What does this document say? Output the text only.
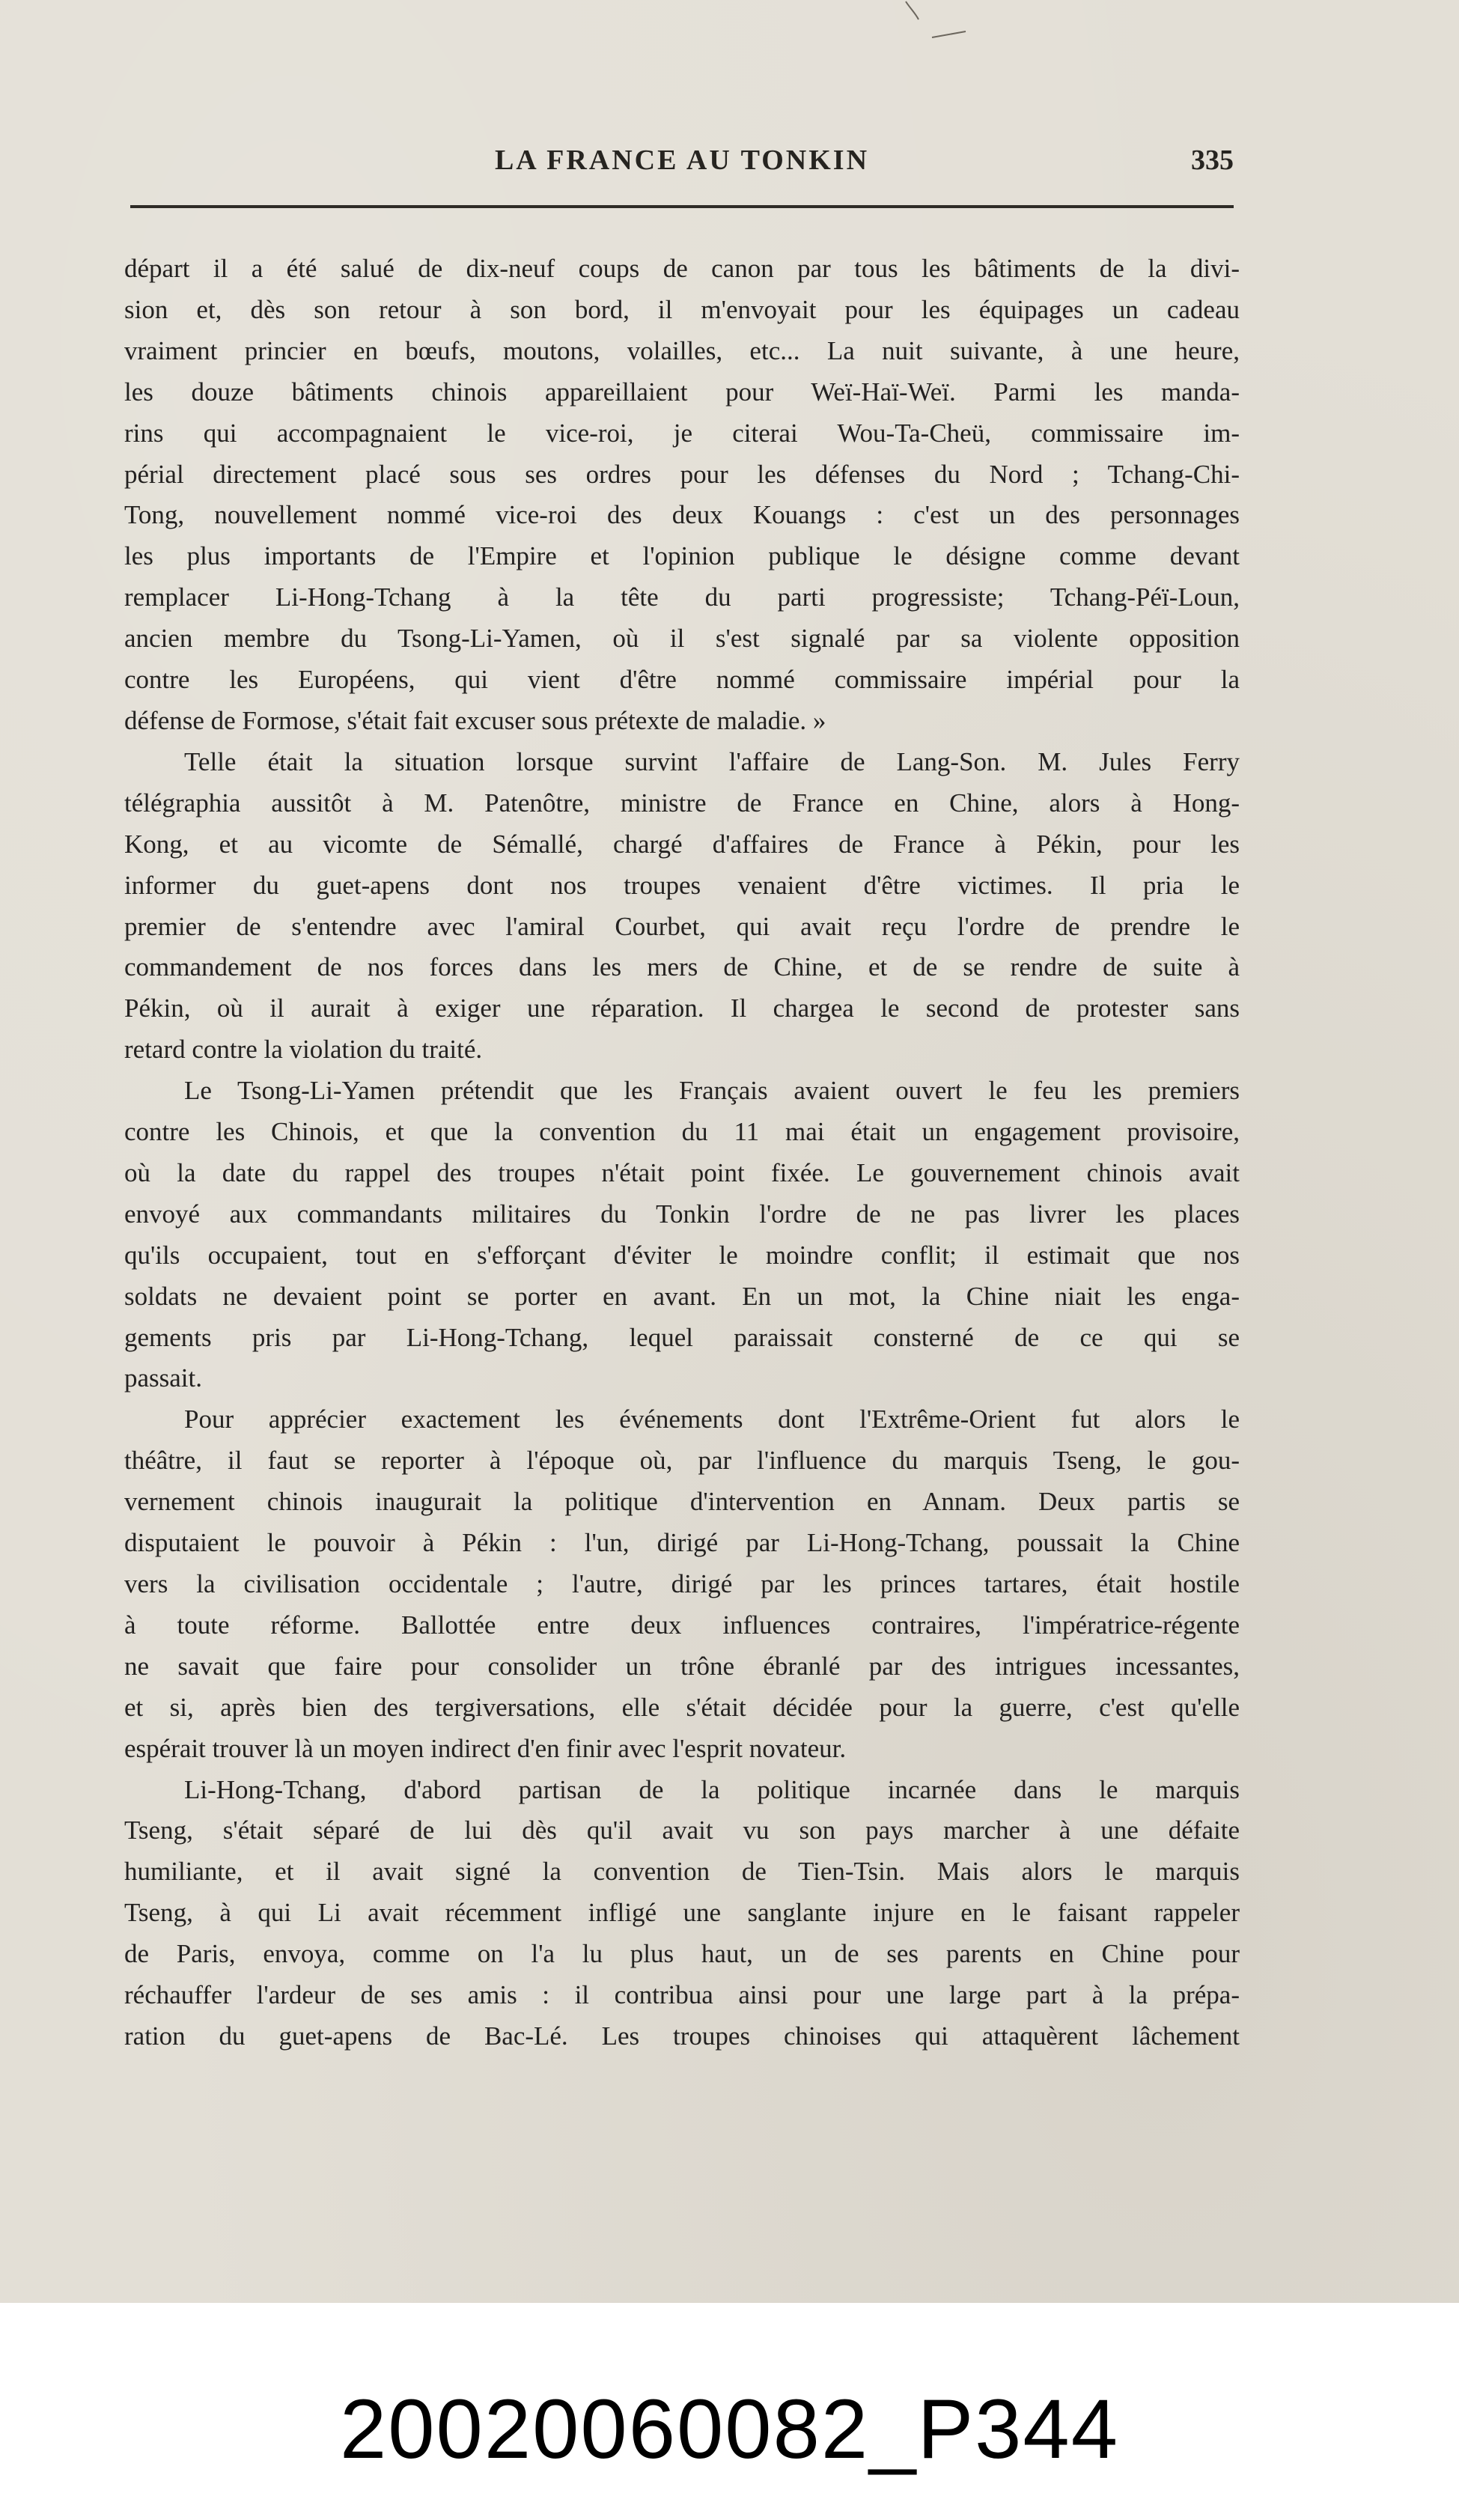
LA FRANCE AU TONKIN	335

départ il a été salué de dix-neuf coups de canon par tous les bâtiments de la divi-

sion et, dès son retour à son bord, il m'envoyait pour les équipages un cadeau

vraiment princier en bœufs, moutons, volailles, etc... La nuit suivante, à une heure,

les douze bâtiments chinois appareillaient pour Weï-Haï-Weï. Parmi les manda-

rins qui accompagnaient le vice-roi, je citerai Wou-Ta-Cheü, commissaire im-

périal directement placé sous ses ordres pour les défenses du Nord ; Tchang-Chi-

Tong, nouvellement nommé vice-roi des deux Kouangs : c'est un des personnages

les plus importants de l'Empire et l'opinion publique le désigne comme devant

remplacer Li-Hong-Tchang à la tête du parti progressiste; Tchang-Péï-Loun,

ancien membre du Tsong-Li-Yamen, où il s'est signalé par sa violente opposition

contre les Européens, qui vient d'être nommé commissaire impérial pour la

défense de Formose, s'était fait excuser sous prétexte de maladie. »

Telle était la situation lorsque survint l'affaire de Lang-Son. M. Jules Ferry

télégraphia aussitôt à M. Patenôtre, ministre de France en Chine, alors à Hong-

Kong, et au vicomte de Sémallé, chargé d'affaires de France à Pékin, pour les

informer du guet-apens dont nos troupes venaient d'être victimes. Il pria le

premier de s'entendre avec l'amiral Courbet, qui avait reçu l'ordre de prendre le

commandement de nos forces dans les mers de Chine, et de se rendre de suite à

Pékin, où il aurait à exiger une réparation. Il chargea le second de protester sans

retard contre la violation du traité.

Le Tsong-Li-Yamen prétendit que les Français avaient ouvert le feu les premiers

contre les Chinois, et que la convention du 11 mai était un engagement provisoire,

où la date du rappel des troupes n'était point fixée. Le gouvernement chinois avait

envoyé aux commandants militaires du Tonkin l'ordre de ne pas livrer les places

qu'ils occupaient, tout en s'efforçant d'éviter le moindre conflit; il estimait que nos

soldats ne devaient point se porter en avant. En un mot, la Chine niait les enga-

gements pris par Li-Hong-Tchang, lequel paraissait consterné de ce qui se

passait.

Pour apprécier exactement les événements dont l'Extrême-Orient fut alors le

théâtre, il faut se reporter à l'époque où, par l'influence du marquis Tseng, le gou-

vernement chinois inaugurait la politique d'intervention en Annam. Deux partis se

disputaient le pouvoir à Pékin : l'un, dirigé par Li-Hong-Tchang, poussait la Chine

vers la civilisation occidentale ; l'autre, dirigé par les princes tartares, était hostile

à toute réforme. Ballottée entre deux influences contraires, l'impératrice-régente

ne savait que faire pour consolider un trône ébranlé par des intrigues incessantes,

et si, après bien des tergiversations, elle s'était décidée pour la guerre, c'est qu'elle

espérait trouver là un moyen indirect d'en finir avec l'esprit novateur.

Li-Hong-Tchang, d'abord partisan de la politique incarnée dans le marquis

Tseng, s'était séparé de lui dès qu'il avait vu son pays marcher à une défaite

humiliante, et il avait signé la convention de Tien-Tsin. Mais alors le marquis

Tseng, à qui Li avait récemment infligé une sanglante injure en le faisant rappeler

de Paris, envoya, comme on l'a lu plus haut, un de ses parents en Chine pour

réchauffer l'ardeur de ses amis : il contribua ainsi pour une large part à la prépa-

ration du guet-apens de Bac-Lé. Les troupes chinoises qui attaquèrent lâchement

20020060082_P344
